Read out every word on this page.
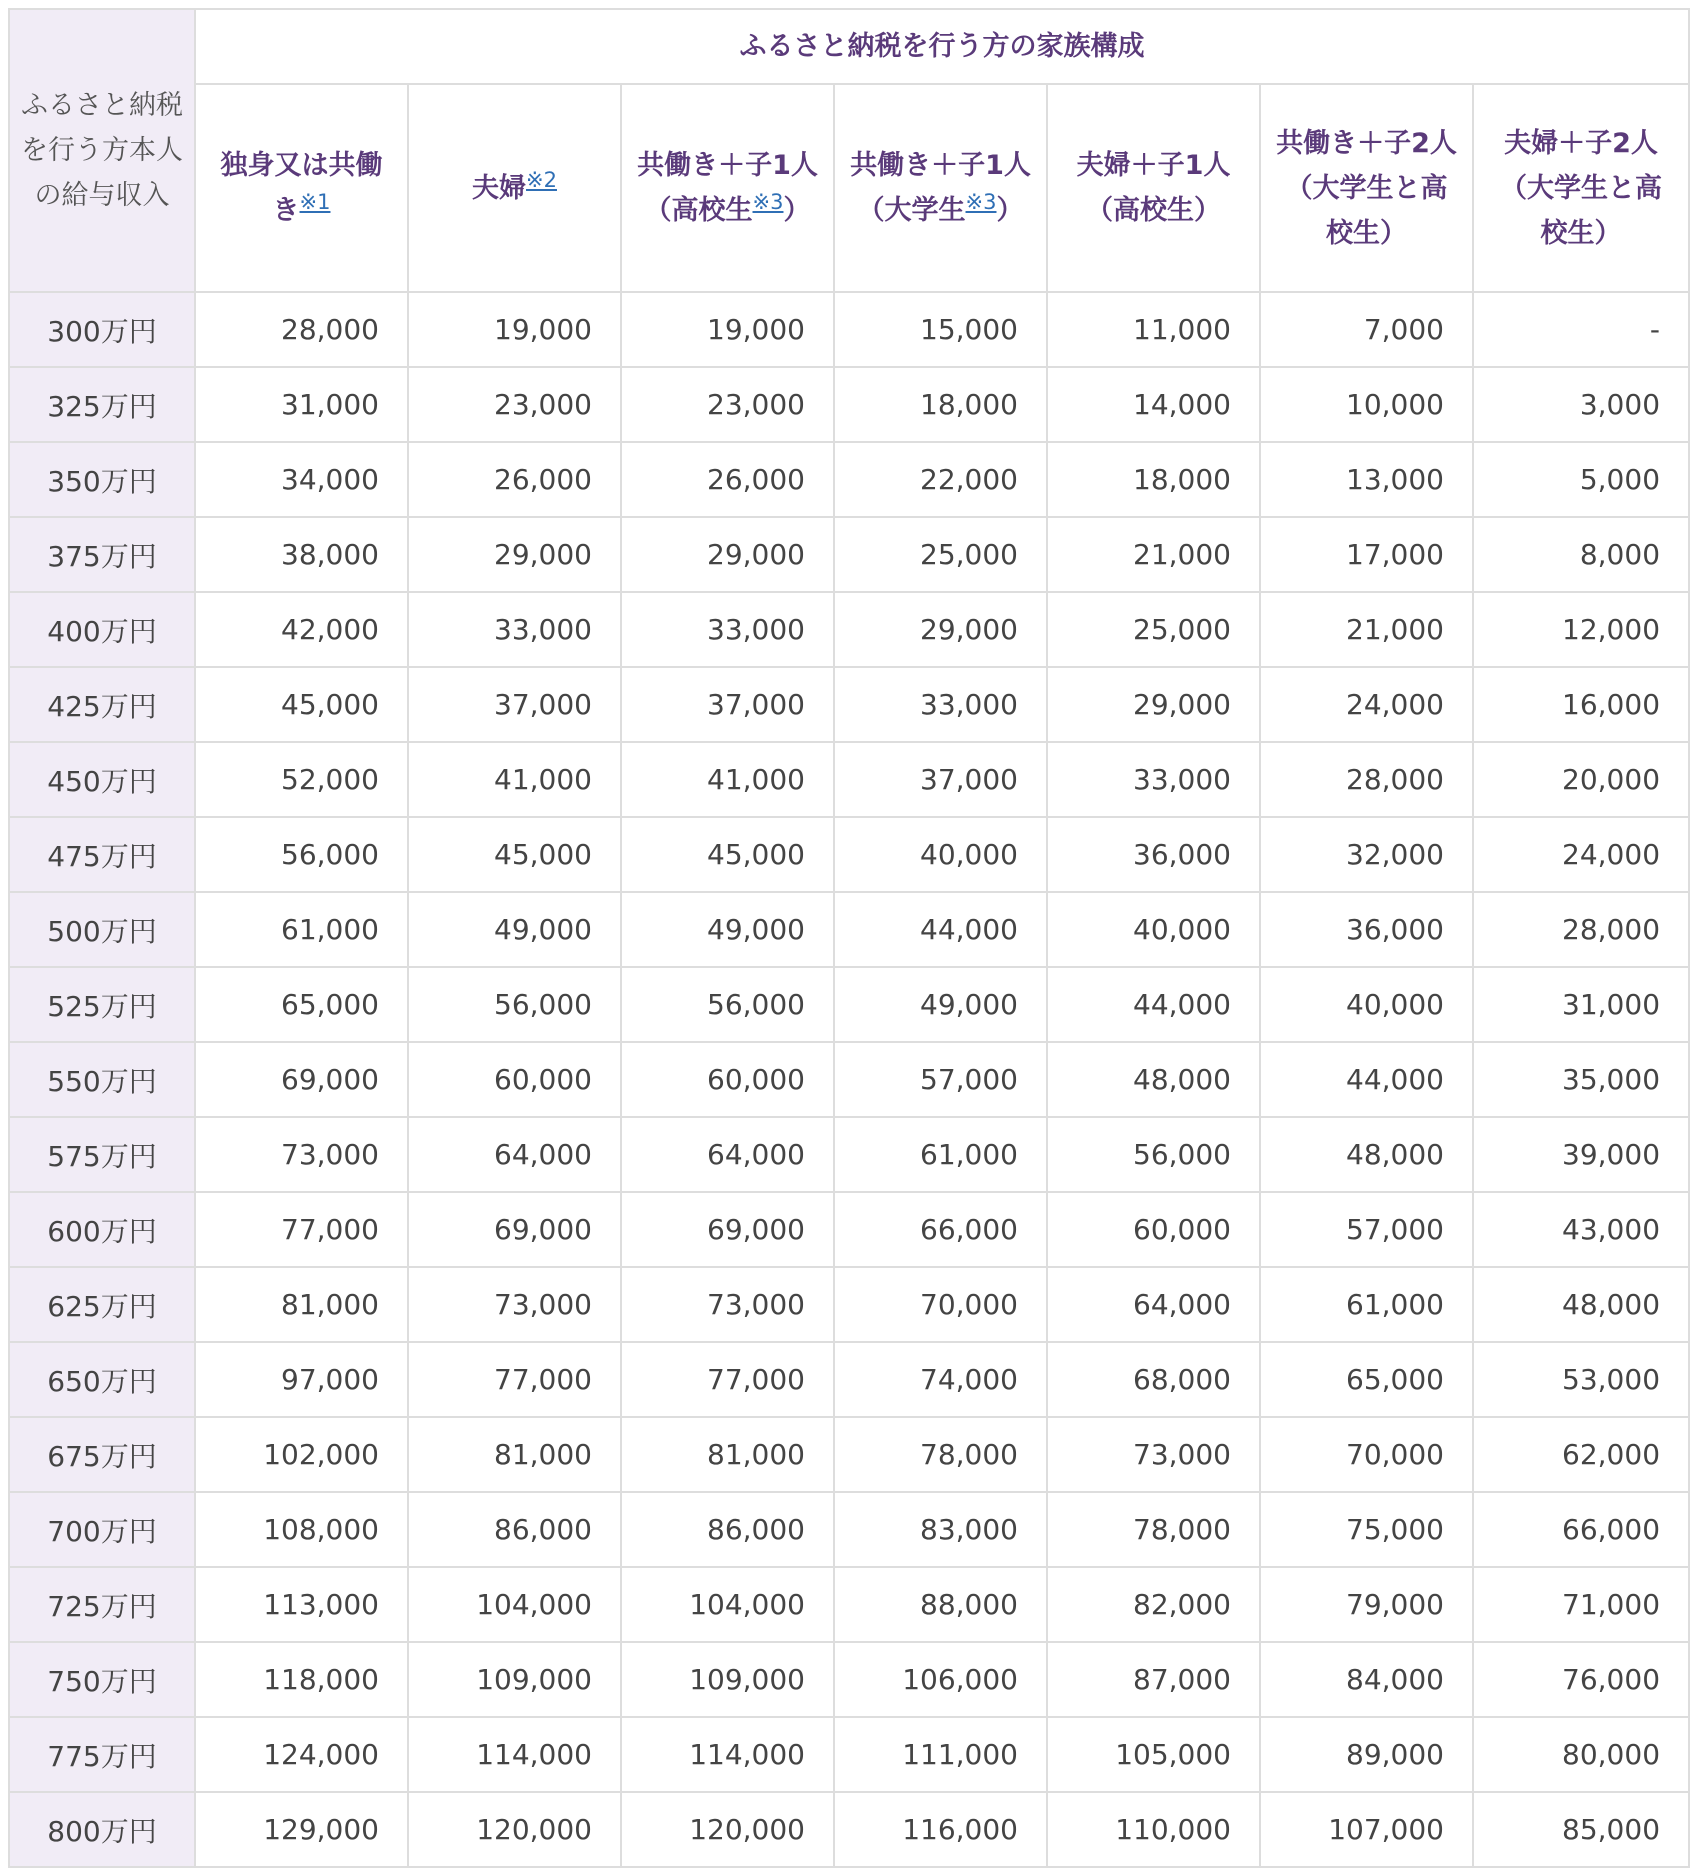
ふるさと納税を行う方本人の給与収入	ふるさと納税を行う方の家族構成						
	独身又は共働き$^{※1}$	夫婦$^{※2}$	共働き＋子1人（高校生$^{※3}$）	共働き＋子1人（大学生$^{※3}$）	夫婦＋子1人（高校生）	共働き＋子2人（大学生と高校生）	夫婦＋子2人（大学生と高校生）
300万円	28,000	19,000	19,000	15,000	11,000	7,000	-
325万円	31,000	23,000	23,000	18,000	14,000	10,000	3,000
350万円	34,000	26,000	26,000	22,000	18,000	13,000	5,000
375万円	38,000	29,000	29,000	25,000	21,000	17,000	8,000
400万円	42,000	33,000	33,000	29,000	25,000	21,000	12,000
425万円	45,000	37,000	37,000	33,000	29,000	24,000	16,000
450万円	52,000	41,000	41,000	37,000	33,000	28,000	20,000
475万円	56,000	45,000	45,000	40,000	36,000	32,000	24,000
500万円	61,000	49,000	49,000	44,000	40,000	36,000	28,000
525万円	65,000	56,000	56,000	49,000	44,000	40,000	31,000
550万円	69,000	60,000	60,000	57,000	48,000	44,000	35,000
575万円	73,000	64,000	64,000	61,000	56,000	48,000	39,000
600万円	77,000	69,000	69,000	66,000	60,000	57,000	43,000
625万円	81,000	73,000	73,000	70,000	64,000	61,000	48,000
650万円	97,000	77,000	77,000	74,000	68,000	65,000	53,000
675万円	102,000	81,000	81,000	78,000	73,000	70,000	62,000
700万円	108,000	86,000	86,000	83,000	78,000	75,000	66,000
725万円	113,000	104,000	104,000	88,000	82,000	79,000	71,000
750万円	118,000	109,000	109,000	106,000	87,000	84,000	76,000
775万円	124,000	114,000	114,000	111,000	105,000	89,000	80,000
800万円	129,000	120,000	120,000	116,000	110,000	107,000	85,000
